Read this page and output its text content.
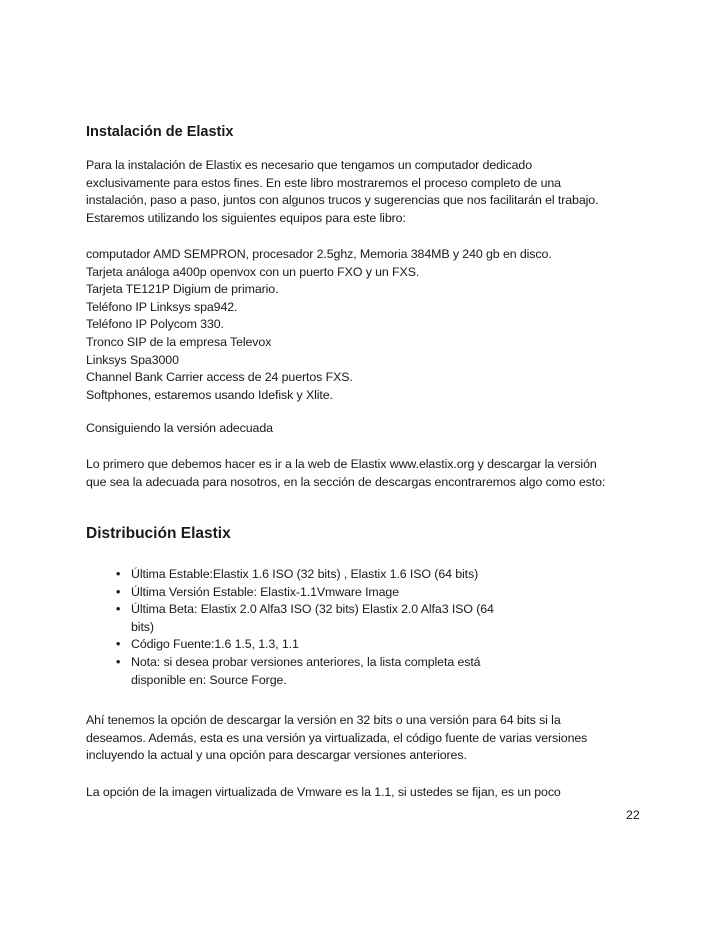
Instalación de Elastix

Para la instalación de Elastix es necesario que tengamos un computador dedicado

exclusivamente para estos fines. En este libro mostraremos el proceso completo de una

instalación, paso a paso, juntos con algunos trucos y sugerencias que nos facilitarán el trabajo.

Estaremos utilizando los siguientes equipos para este libro:

computador AMD SEMPRON, procesador 2.5ghz, Memoria 384MB y 240 gb en disco.

Tarjeta análoga a400p openvox con un puerto FXO y un FXS.

Tarjeta TE121P Digium de primario.

Teléfono IP Linksys spa942.

Teléfono IP Polycom 330.

Tronco SIP de la empresa Televox

Linksys Spa3000

Channel Bank Carrier access de 24 puertos FXS.

Softphones, estaremos usando Idefisk y Xlite.

Consiguiendo la versión adecuada

Lo primero que debemos hacer es ir a la web de Elastix www.elastix.org y descargar la versión

que sea la adecuada para nosotros, en la sección de descargas encontraremos algo como esto:

Distribución Elastix
• Última Estable:Elastix 1.6 ISO (32 bits) , Elastix 1.6 ISO (64 bits)
• Última Versión Estable: Elastix-1.1Vmware Image
• Última Beta: Elastix 2.0 Alfa3 ISO (32 bits) Elastix 2.0 Alfa3 ISO (64
bits)
• Código Fuente:1.6 1.5, 1.3, 1.1
• Nota: si desea probar versiones anteriores, la lista completa está
disponible en: Source Forge.

Ahí tenemos la opción de descargar la versión en 32 bits o una versión para 64 bits si la

deseamos. Además, esta es una versión ya virtualizada, el código fuente de varias versiones

incluyendo la actual y una opción para descargar versiones anteriores.

La opción de la imagen virtualizada de Vmware es la 1.1, si ustedes se fijan, es un poco

22
